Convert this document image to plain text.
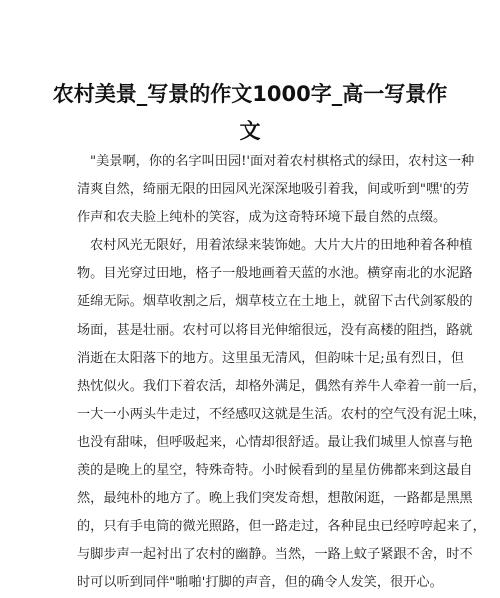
农村美景_写景的作文1000字_高一写景作
文

"美景啊，你的名字叫田园!'面对着农村棋格式的绿田，农村这一种
清爽自然，绮丽无限的田园风光深深地吸引着我，间或听到"嘿'的劳
作声和农夫脸上纯朴的笑容，成为这奇特环境下最自然的点缀。

农村风光无限好，用着浓绿来装饰她。大片大片的田地种着各种植
物。目光穿过田地，格子一般地画着天蓝的水池。横穿南北的水泥路
延绵无际。烟草收割之后，烟草枝立在土地上，就留下古代剑冢般的
场面，甚是壮丽。农村可以将目光伸缩很远，没有高楼的阻挡，路就
消逝在太阳落下的地方。这里虽无清风，但韵味十足;虽有烈日，但
热忱似火。我们下着农活，却格外满足，偶然有养牛人牵着一前一后，
一大一小两头牛走过，不经感叹这就是生活。农村的空气没有泥土味，
也没有甜味，但呼吸起来，心情却很舒适。最让我们城里人惊喜与艳
羡的是晚上的星空，特殊奇特。小时候看到的星星仿佛都来到这最自
然，最纯朴的地方了。晚上我们突发奇想，想散闲逛，一路都是黑黑
的，只有手电筒的微光照路，但一路走过，各种昆虫已经哼哼起来了，
与脚步声一起衬出了农村的幽静。当然，一路上蚊子紧跟不舍，时不
时可以听到同伴"啪啪'打脚的声音，但的确令人发笑，很开心。
